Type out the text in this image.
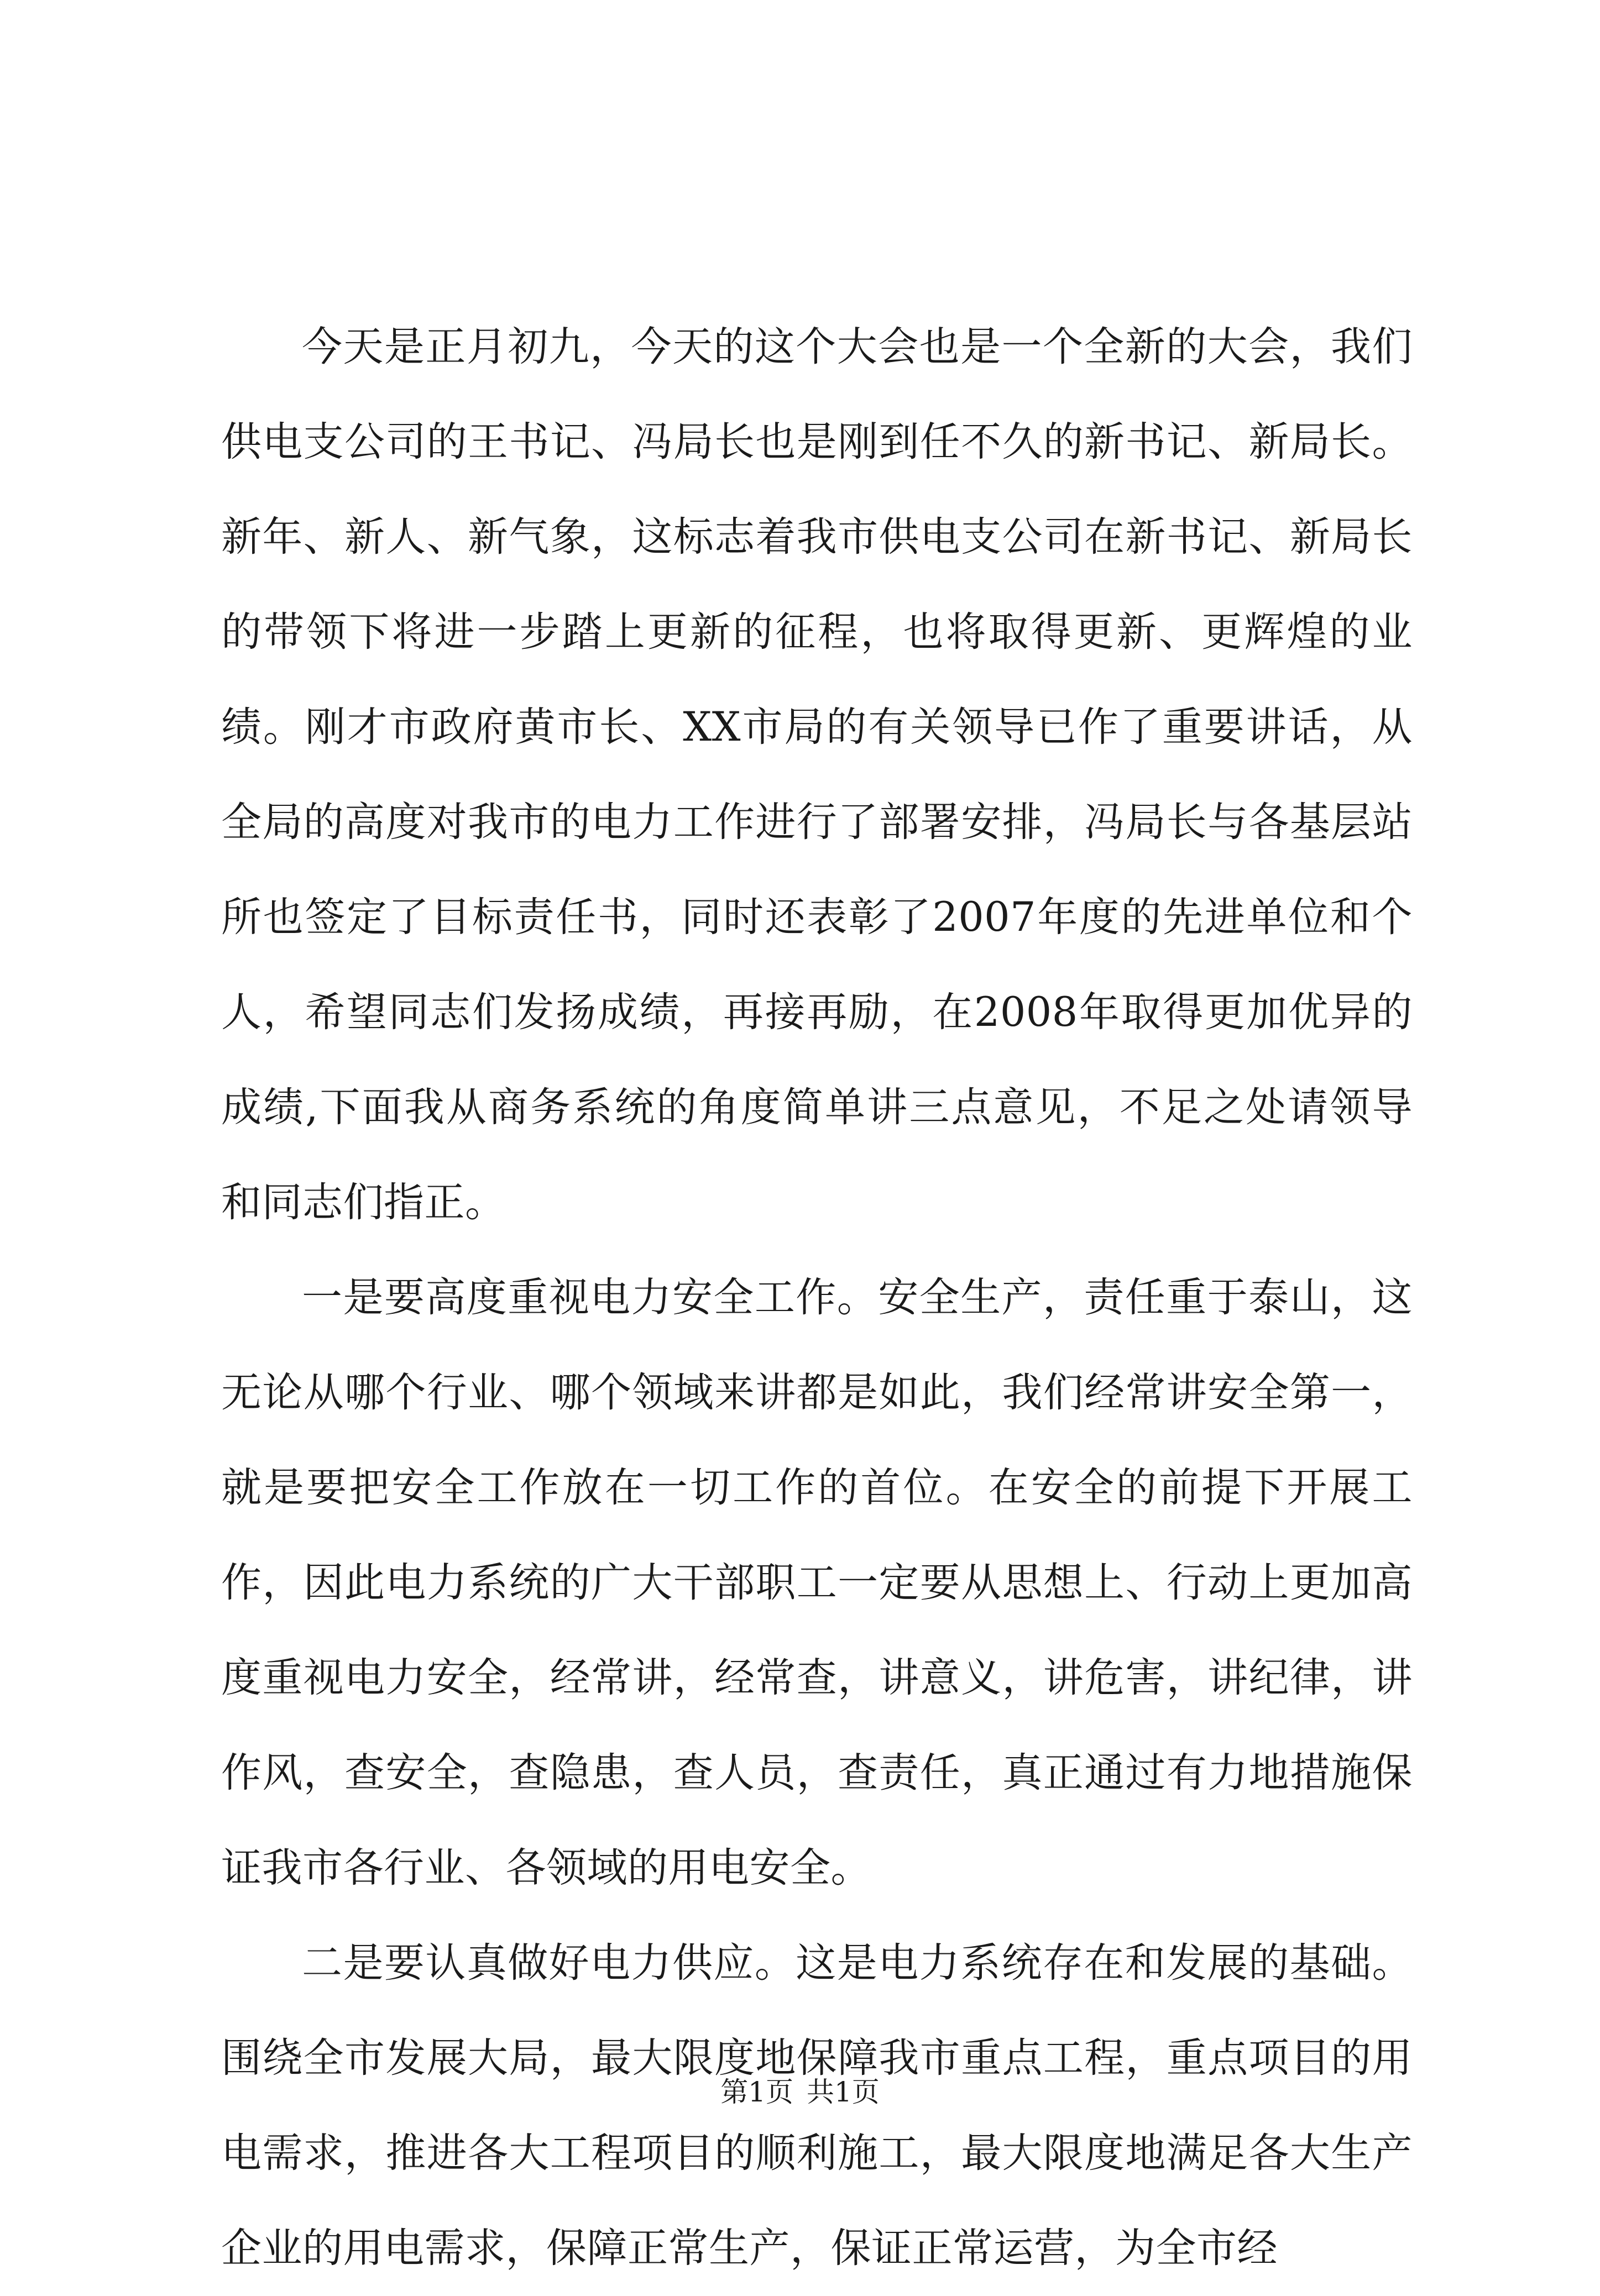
今天是正月初九，今天的这个大会也是一个全新的大会，我们供电支公司的王书记、冯局长也是刚到任不久的新书记、新局长。新年、新人、新气象，这标志着我市供电支公司在新书记、新局长的带领下将进一步踏上更新的征程，也将取得更新、更辉煌的业绩。刚才市政府黄市长、XX市局的有关领导已作了重要讲话，从全局的高度对我市的电力工作进行了部署安排，冯局长与各基层站所也签定了目标责任书，同时还表彰了2007年度的先进单位和个人，希望同志们发扬成绩，再接再励，在2008年取得更加优异的成绩,下面我从商务系统的角度简单讲三点意见，不足之处请领导和同志们指正。

一是要高度重视电力安全工作。安全生产，责任重于泰山，这无论从哪个行业、哪个领域来讲都是如此，我们经常讲安全第一，就是要把安全工作放在一切工作的首位。在安全的前提下开展工作，因此电力系统的广大干部职工一定要从思想上、行动上更加高度重视电力安全，经常讲，经常查，讲意义，讲危害，讲纪律，讲作风，查安全，查隐患，查人员，查责任，真正通过有力地措施保证我市各行业、各领域的用电安全。

二是要认真做好电力供应。这是电力系统存在和发展的基础。围绕全市发展大局，最大限度地保障我市重点工程，重点项目的用电需求，推进各大工程项目的顺利施工，最大限度地满足各大生产企业的用电需求，保障正常生产，保证正常运营，为全市经

第1页 共1页
